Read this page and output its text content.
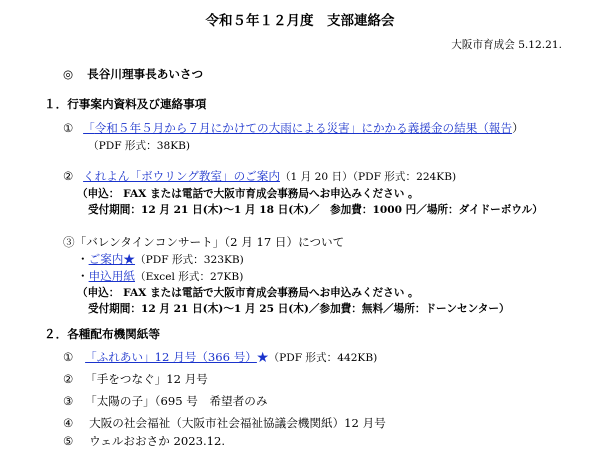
令和５年１２月度　支部連絡会
大阪市育成会 5.12.21.
◎ 長谷川理事長あいさつ
１．行事案内資料及び連絡事項
① 「令和５年５月から７月にかけての大雨による災害」にかかる義援金の結果（報告）
（PDF 形式：38KB)
② くれよん「ボウリング教室」のご案内（1 月 20 日）（PDF 形式：224KB)
（申込： FAX または電話で大阪市育成会事務局へお申込みください 。
受付期間：12 月 21 日(木)〜1 月 18 日(木)／　参加費：1000 円／場所：ダイドーボウル）
③「バレンタインコンサート」（2 月 17 日）について
・ご案内★（PDF 形式：323KB)
・申込用紙（Excel 形式：27KB)
（申込： FAX または電話で大阪市育成会事務局へお申込みください 。
受付期間：12 月 21 日(木)〜1 月 25 日(木)／参加費：無料／場所：ドーンセンター）
２．各種配布機関紙等
① 「ふれあい」12 月号（366 号）★（PDF 形式：442KB)
② 「手をつなぐ」12 月号
③ 「太陽の子」（695 号　希望者のみ
④ 大阪の社会福祉（大阪市社会福祉協議会機関紙）12 月号
⑤ ウェルおおさか 2023.12.
